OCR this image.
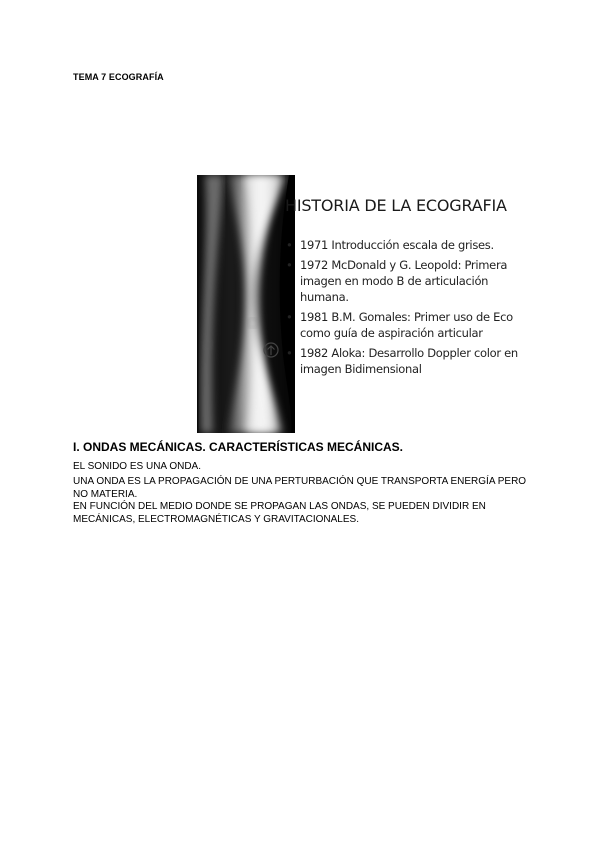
TEMA 7 ECOGRAFÍA
HISTORIA DE LA ECOGRAFIA
• 1971 Introducción escala de grises.
• 1972 McDonald y G. Leopold: Primera imagen en modo B de articulación humana.
• 1981 B.M. Gomales: Primer uso de Eco como guía de aspiración articular
• 1982 Aloka: Desarrollo Doppler color en imagen Bidimensional
I. ONDAS MECÁNICAS. CARACTERÍSTICAS MECÁNICAS.
EL SONIDO ES UNA ONDA.
UNA ONDA ES LA PROPAGACIÓN DE UNA PERTURBACIÓN QUE TRANSPORTA ENERGÍA PERO NO MATERIA.
EN FUNCIÓN DEL MEDIO DONDE SE PROPAGAN LAS ONDAS, SE PUEDEN DIVIDIR EN MECÁNICAS, ELECTROMAGNÉTICAS Y GRAVITACIONALES.
